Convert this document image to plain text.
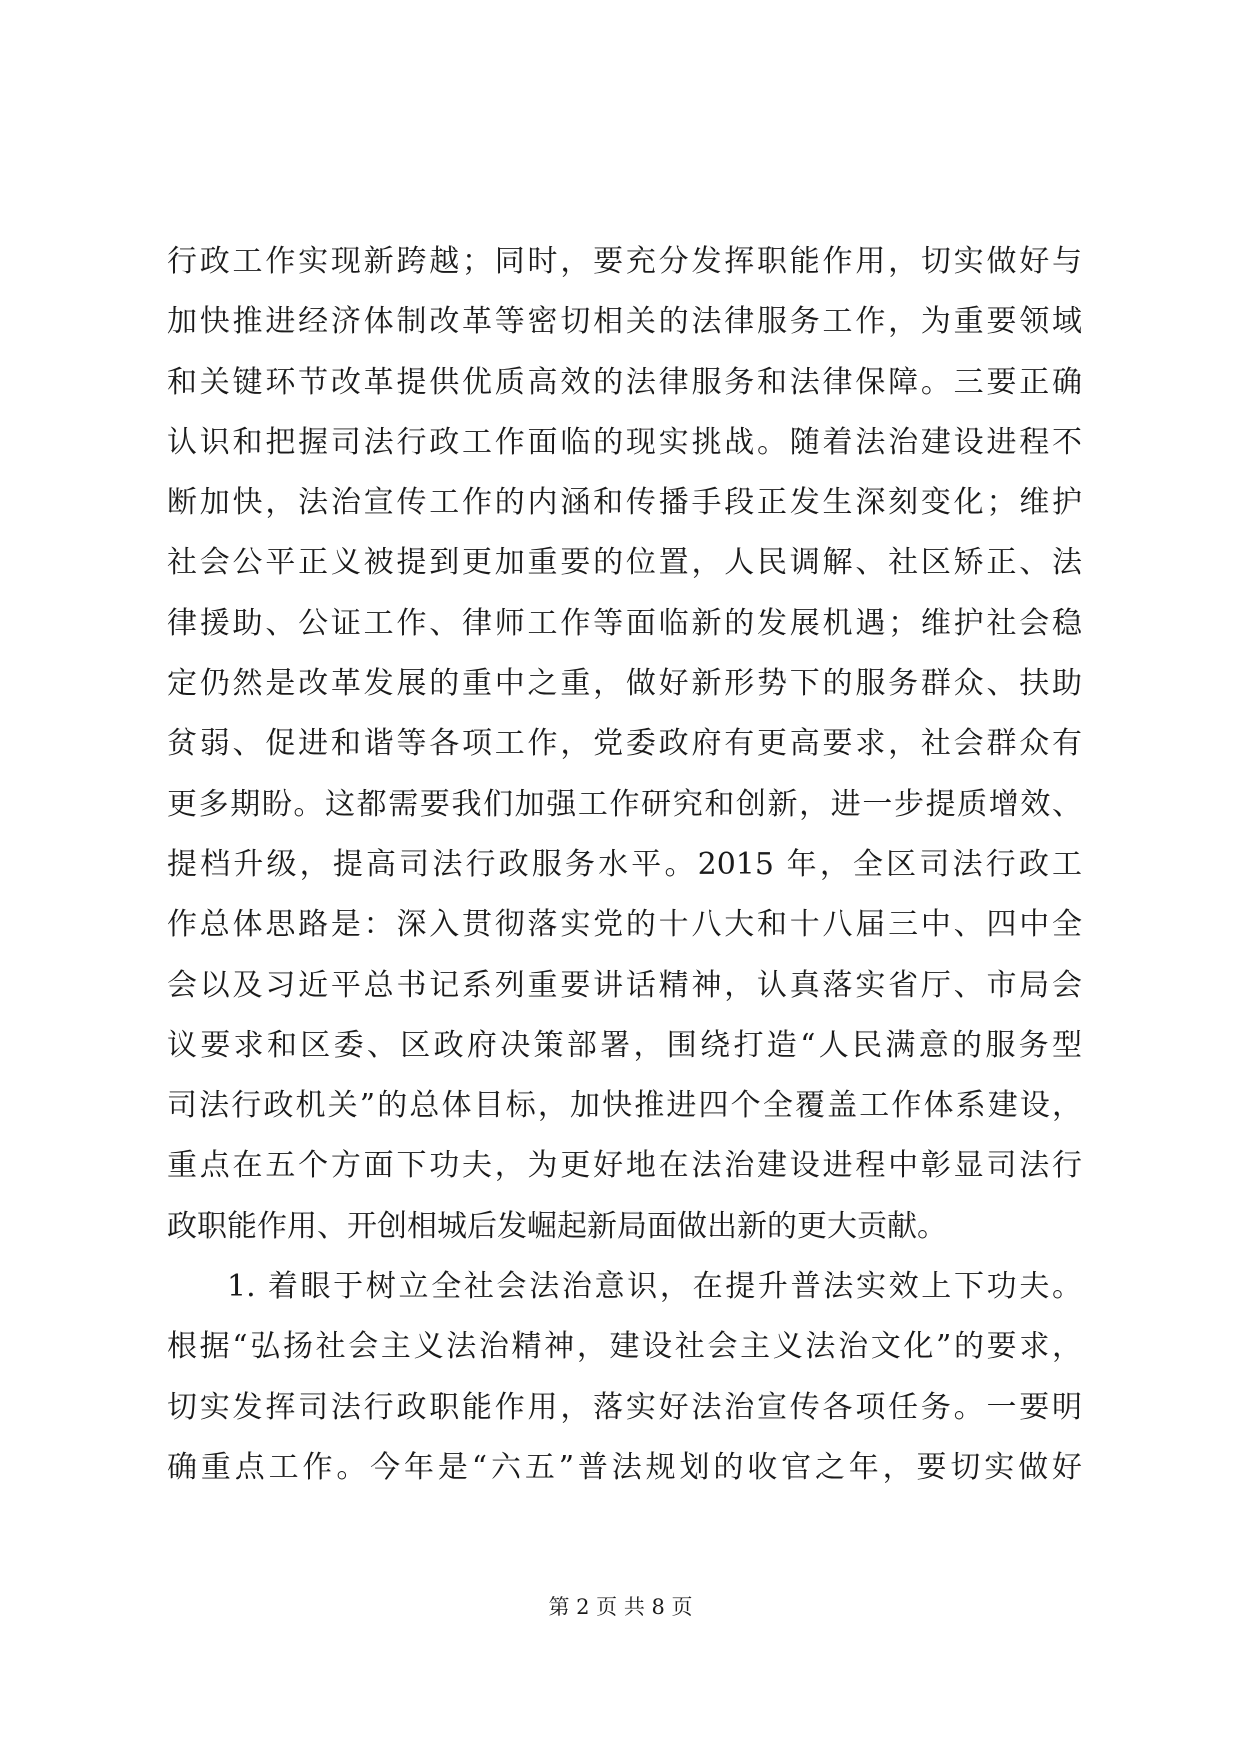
行政工作实现新跨越；同时，要充分发挥职能作用，切实做好与
加快推进经济体制改革等密切相关的法律服务工作，为重要领域
和关键环节改革提供优质高效的法律服务和法律保障。三要正确
认识和把握司法行政工作面临的现实挑战。随着法治建设进程不
断加快，法治宣传工作的内涵和传播手段正发生深刻变化；维护
社会公平正义被提到更加重要的位置，人民调解、社区矫正、法
律援助、公证工作、律师工作等面临新的发展机遇；维护社会稳
定仍然是改革发展的重中之重，做好新形势下的服务群众、扶助
贫弱、促进和谐等各项工作，党委政府有更高要求，社会群众有
更多期盼。这都需要我们加强工作研究和创新，进一步提质增效、
提档升级，提高司法行政服务水平。2015 年，全区司法行政工
作总体思路是：深入贯彻落实党的十八大和十八届三中、四中全
会以及习近平总书记系列重要讲话精神，认真落实省厅、市局会
议要求和区委、区政府决策部署，围绕打造“人民满意的服务型
司法行政机关”的总体目标，加快推进四个全覆盖工作体系建设，
重点在五个方面下功夫，为更好地在法治建设进程中彰显司法行
政职能作用、开创相城后发崛起新局面做出新的更大贡献。
1. 着眼于树立全社会法治意识，在提升普法实效上下功夫。
根据“弘扬社会主义法治精神，建设社会主义法治文化”的要求，
切实发挥司法行政职能作用，落实好法治宣传各项任务。一要明
确重点工作。今年是“六五”普法规划的收官之年，要切实做好
第 2 页 共 8 页
